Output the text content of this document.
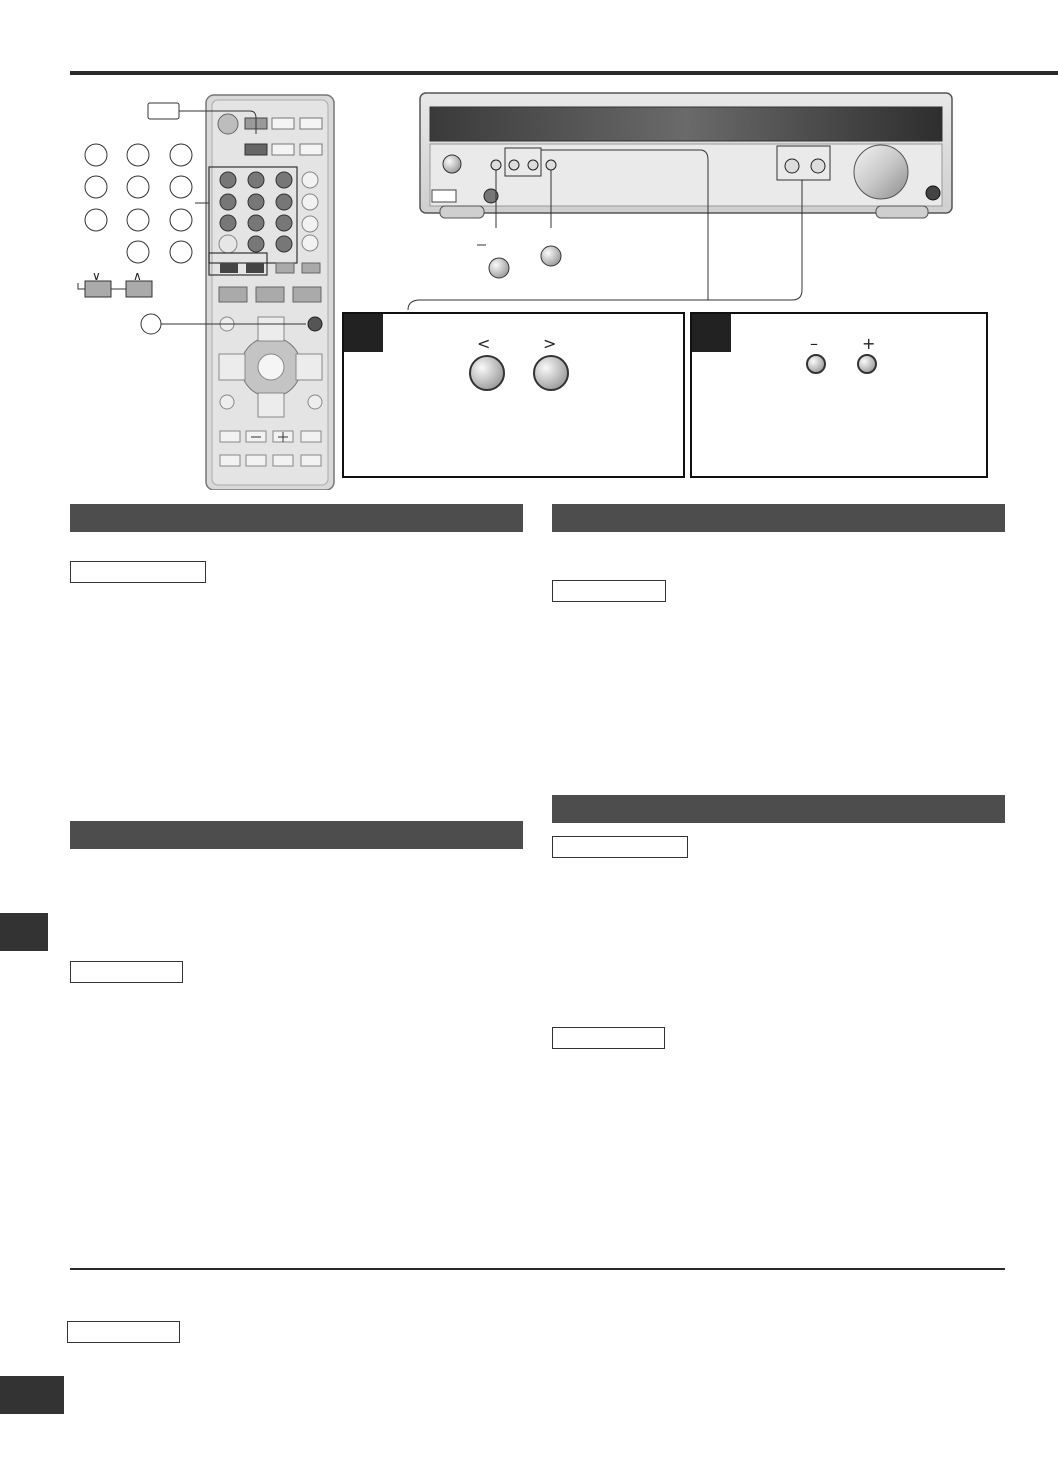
<	>	–	+
∨	∧
